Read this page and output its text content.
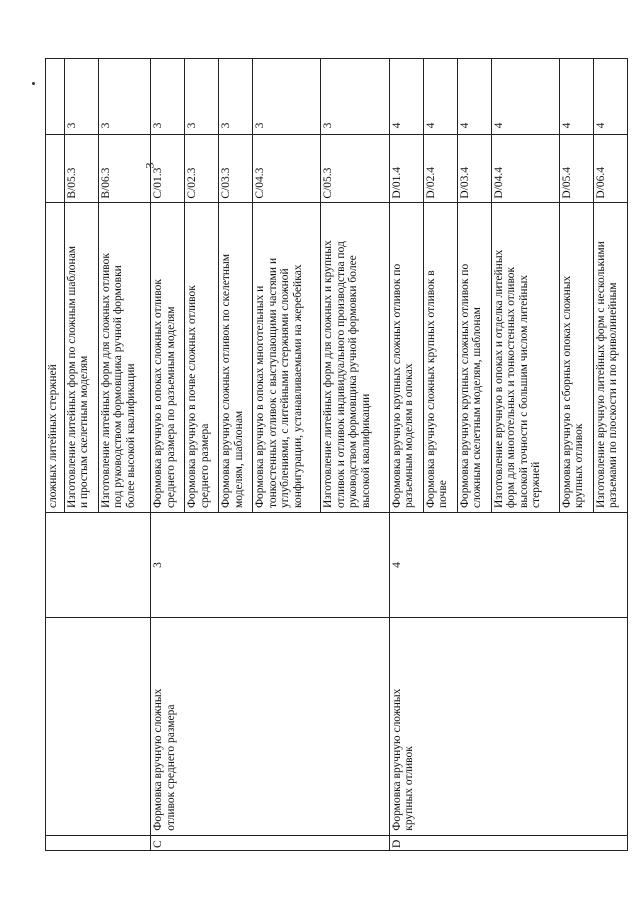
3
			сложных литейных стержней		
			Изготовление литейных форм по сложным шаблонам
и простым скелетным моделям	B/05.3	3
			Изготовление литейных форм для сложных отливок
под руководством формовщика ручной формовки
более высокой квалификации	B/06.3	3
C	Формовка вручную сложных
отливок среднего размера	3	Формовка вручную в опоках сложных отливок
среднего размера по разъемным моделям	C/01.3	3
			Формовка вручную в почве сложных отливок
среднего размера	C/02.3	3
			Формовка вручную сложных отливок по скелетным
моделям, шаблонам	C/03.3	3
			Формовка вручную в опоках многотельных и
тонкостенных отливок с выступающими частями и
углублениями, с литейными стержнями сложной
конфигурации, устанавливаемыми на жеребейках	C/04.3	3
			Изготовление литейных форм для сложных и крупных
отливок и отливок индивидуального производства под
руководством формовщика ручной формовки более
высокой квалификации	C/05.3	3
D	Формовка вручную сложных
крупных отливок	4	Формовка вручную крупных сложных отливок по
разъемным моделям в опоках	D/01.4	4
			Формовка вручную сложных крупных отливок в
почве	D/02.4	4
			Формовка вручную крупных сложных отливок по
сложным скелетным моделям, шаблонам	D/03.4	4
			Изготовление вручную в опоках и отделка литейных
форм для многотельных и тонкостенных отливок
высокой точности с большим числом литейных
стержней	D/04.4	4
			Формовка вручную в сборных опоках сложных
крупных отливок	D/05.4	4
			Изготовление вручную литейных форм с несколькими
разъемами по плоскости и по криволинейным	D/06.4	4
